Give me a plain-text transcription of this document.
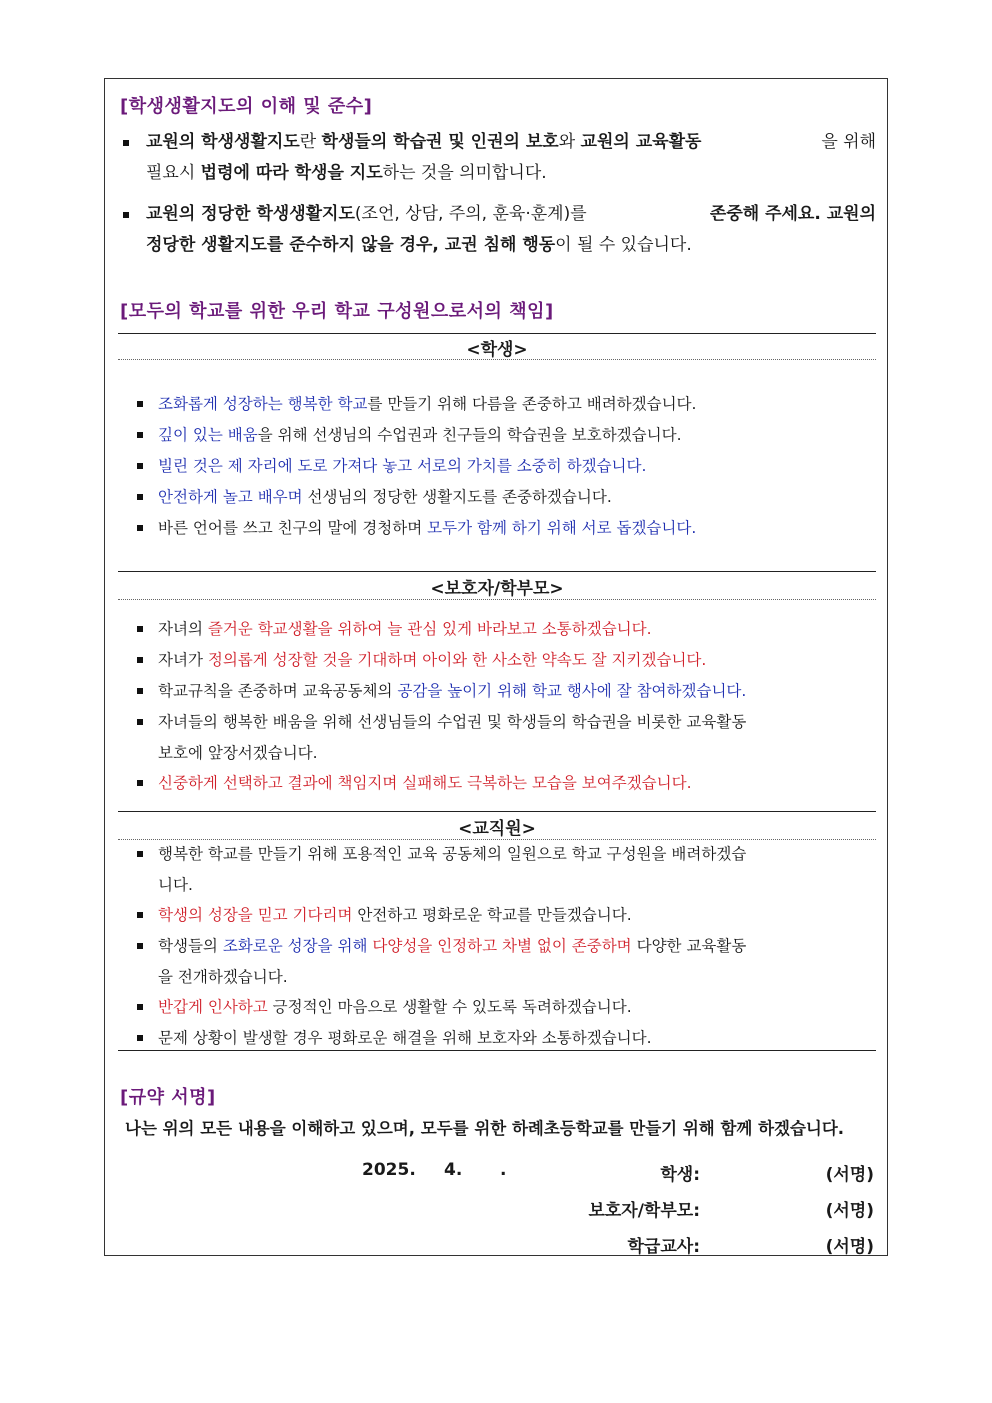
[학생생활지도의 이해 및 준수]
교원의 학생생활지도란 학생들의 학습권 및 인권의 보호와 교원의 교육활동	을 위해
필요시 법령에 따라 학생을 지도하는 것을 의미합니다.
교원의 정당한 학생생활지도(조언, 상담, 주의, 훈육·훈계)를	존중해 주세요. 교원의
정당한 생활지도를 준수하지 않을 경우, 교권 침해 행동이 될 수 있습니다.
[모두의 학교를 위한 우리 학교 구성원으로서의 책임]
<학생>
조화롭게 성장하는 행복한 학교를 만들기 위해 다름을 존중하고 배려하겠습니다.
깊이 있는 배움을 위해 선생님의 수업권과 친구들의 학습권을 보호하겠습니다.
빌린 것은 제 자리에 도로 가져다 놓고 서로의 가치를 소중히 하겠습니다.
안전하게 놀고 배우며 선생님의 정당한 생활지도를 존중하겠습니다.
바른 언어를 쓰고 친구의 말에 경청하며 모두가 함께 하기 위해 서로 돕겠습니다.
<보호자/학부모>
자녀의 즐거운 학교생활을 위하여 늘 관심 있게 바라보고 소통하겠습니다.
자녀가 정의롭게 성장할 것을 기대하며 아이와 한 사소한 약속도 잘 지키겠습니다.
학교규칙을 존중하며 교육공동체의 공감을 높이기 위해 학교 행사에 잘 참여하겠습니다.
자녀들의 행복한 배움을 위해 선생님들의 수업권 및 학생들의 학습권을 비롯한 교육활동
보호에 앞장서겠습니다.
신중하게 선택하고 결과에 책임지며 실패해도 극복하는 모습을 보여주겠습니다.
<교직원>
행복한 학교를 만들기 위해 포용적인 교육 공동체의 일원으로 학교 구성원을 배려하겠습
니다.
학생의 성장을 믿고 기다리며 안전하고 평화로운 학교를 만들겠습니다.
학생들의 조화로운 성장을 위해 다양성을 인정하고 차별 없이 존중하며 다양한 교육활동
을 전개하겠습니다.
반갑게 인사하고 긍정적인 마음으로 생활할 수 있도록 독려하겠습니다.
문제 상황이 발생할 경우 평화로운 해결을 위해 보호자와 소통하겠습니다.
[규약 서명]
나는 위의 모든 내용을 이해하고 있으며, 모두를 위한 하례초등학교를 만들기 위해 함께 하겠습니다.
2025. 4. .	학생:	(서명)
보호자/학부모:	(서명)
학급교사:	(서명)
